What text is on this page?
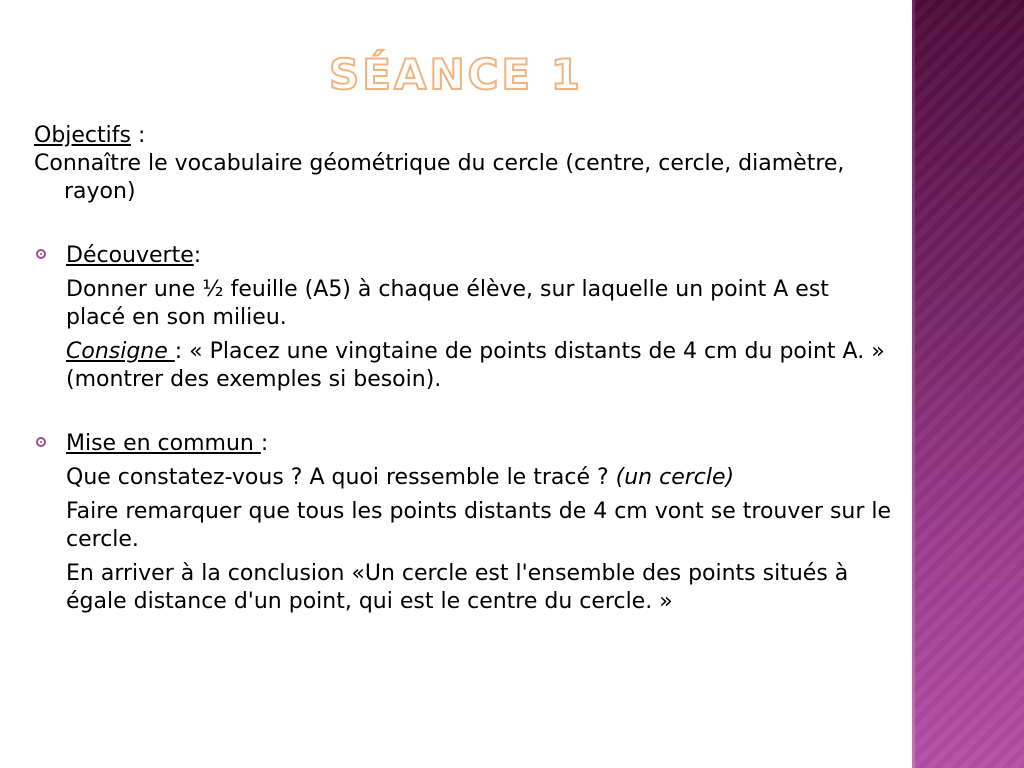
SÉANCE 1

Objectifs :

Connaître le vocabulaire géométrique du cercle (centre, cercle, diamètre, rayon)

Découverte:

Donner une ½ feuille (A5) à chaque élève, sur laquelle un point A est placé en son milieu.

Consigne : « Placez une vingtaine de points distants de 4 cm du point A. » (montrer des exemples si besoin).

Mise en commun :

Que constatez-vous ? A quoi ressemble le tracé ? (un cercle)

Faire remarquer que tous les points distants de 4 cm vont se trouver sur le cercle.

En arriver à la conclusion «Un cercle est l'ensemble des points situés à égale distance d'un point, qui est le centre du cercle. »
